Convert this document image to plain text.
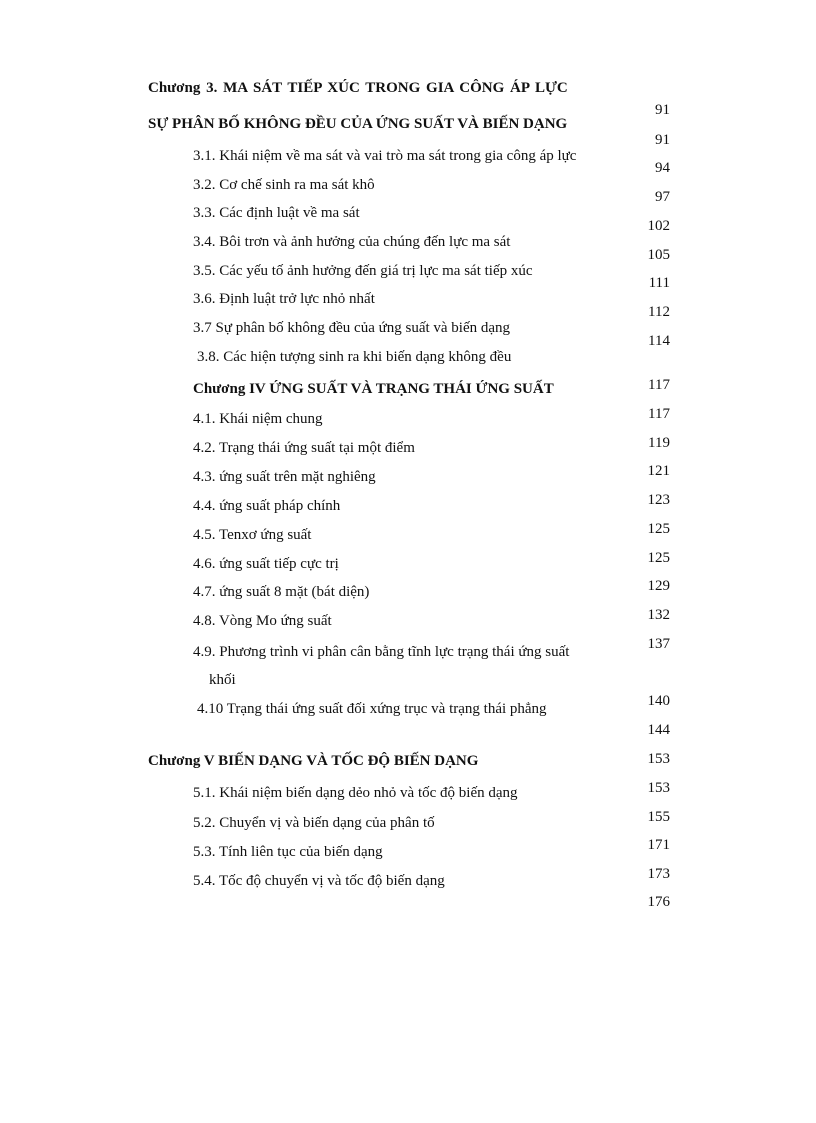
Chương 3. MA SÁT TIẾP XÚC TRONG GIA CÔNG ÁP LỰC
SỰ PHÂN BỐ KHÔNG ĐỀU CỦA ỨNG SUẤT VÀ BIẾN DẠNG
3.1. Khái niệm về ma sát và vai trò ma sát trong gia công áp lực
3.2. Cơ chế sinh ra ma sát khô
3.3. Các định luật về ma sát
3.4. Bôi trơn và ảnh hưởng của chúng đến lực ma sát
3.5. Các yếu tố ảnh hưởng đến giá trị lực ma sát tiếp xúc
3.6. Định luật trở lực nhỏ nhất
3.7 Sự phân bố không đều của ứng suất và biến dạng
3.8. Các hiện tượng sinh ra khi biến dạng không đều
Chương IV ỨNG SUẤT VÀ TRẠNG THÁI ỨNG SUẤT
4.1. Khái niệm chung
4.2. Trạng thái ứng suất tại một điểm
4.3. ứng suất trên mặt nghiêng
4.4. ứng suất pháp chính
4.5. Tenxơ ứng suất
4.6. ứng suất tiếp cực trị
4.7. ứng suất 8 mặt (bát diện)
4.8. Vòng Mo ứng suất
4.9. Phương trình vi phân cân bằng tĩnh lực trạng thái ứng suất
khối
4.10 Trạng thái ứng suất đối xứng trục và trạng thái phẳng
Chương V BIẾN DẠNG VÀ TỐC ĐỘ BIẾN DẠNG
5.1. Khái niệm biến dạng dẻo nhỏ và tốc độ biến dạng
5.2. Chuyển vị và biến dạng của phân tố
5.3. Tính liên tục của biến dạng
5.4. Tốc độ chuyển vị và tốc độ biến dạng
91
91
94
97
102
105
111
112
114
117
117
119
121
123
125
125
129
132
137
140
144
153
153
155
171
173
176
